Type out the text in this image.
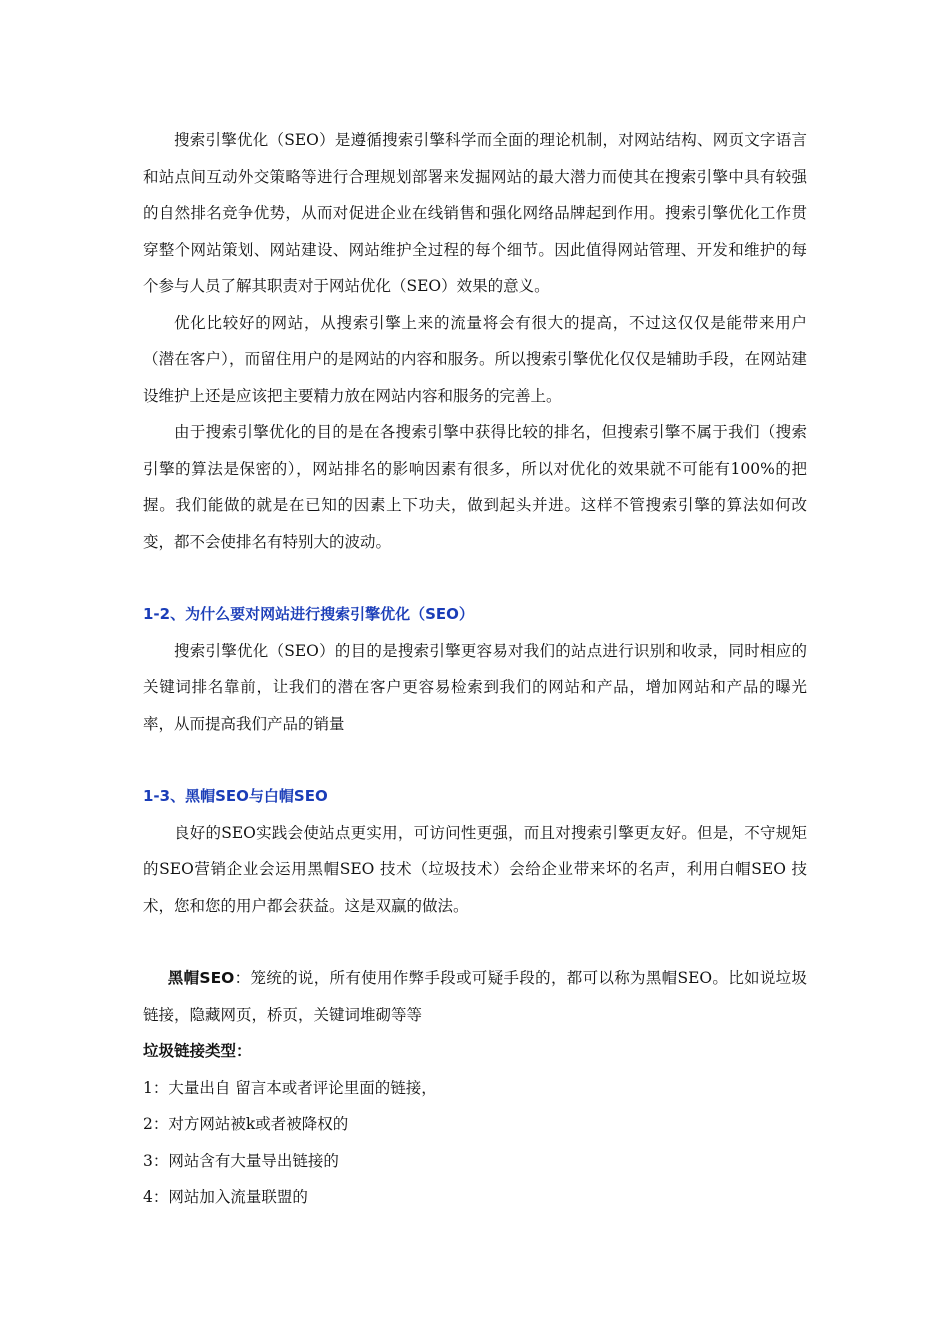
搜索引擎优化（SEO）是遵循搜索引擎科学而全面的理论机制，对网站结构、网页文字语言和站点间互动外交策略等进行合理规划部署来发掘网站的最大潜力而使其在搜索引擎中具有较强的自然排名竞争优势，从而对促进企业在线销售和强化网络品牌起到作用。搜索引擎优化工作贯穿整个网站策划、网站建设、网站维护全过程的每个细节。因此值得网站管理、开发和维护的每个参与人员了解其职责对于网站优化（SEO）效果的意义。

优化比较好的网站，从搜索引擎上来的流量将会有很大的提高，不过这仅仅是能带来用户（潜在客户），而留住用户的是网站的内容和服务。所以搜索引擎优化仅仅是辅助手段，在网站建设维护上还是应该把主要精力放在网站内容和服务的完善上。

由于搜索引擎优化的目的是在各搜索引擎中获得比较的排名，但搜索引擎不属于我们（搜索引擎的算法是保密的），网站排名的影响因素有很多，所以对优化的效果就不可能有100%的把握。我们能做的就是在已知的因素上下功夫，做到起头并进。这样不管搜索引擎的算法如何改变，都不会使排名有特别大的波动。

1-2、为什么要对网站进行搜索引擎优化（SEO）

搜索引擎优化（SEO）的目的是搜索引擎更容易对我们的站点进行识别和收录，同时相应的关键词排名靠前，让我们的潜在客户更容易检索到我们的网站和产品，增加网站和产品的曝光率，从而提高我们产品的销量

1-3、黑帽SEO与白帽SEO

良好的SEO实践会使站点更实用，可访问性更强，而且对搜索引擎更友好。但是，不守规矩的SEO营销企业会运用黑帽SEO 技术（垃圾技术）会给企业带来坏的名声，利用白帽SEO 技术，您和您的用户都会获益。这是双赢的做法。

黑帽SEO：笼统的说，所有使用作弊手段或可疑手段的，都可以称为黑帽SEO。比如说垃圾链接，隐藏网页，桥页，关键词堆砌等等

垃圾链接类型：

1：大量出自 留言本或者评论里面的链接，

2：对方网站被k或者被降权的

3：网站含有大量导出链接的

4：网站加入流量联盟的
